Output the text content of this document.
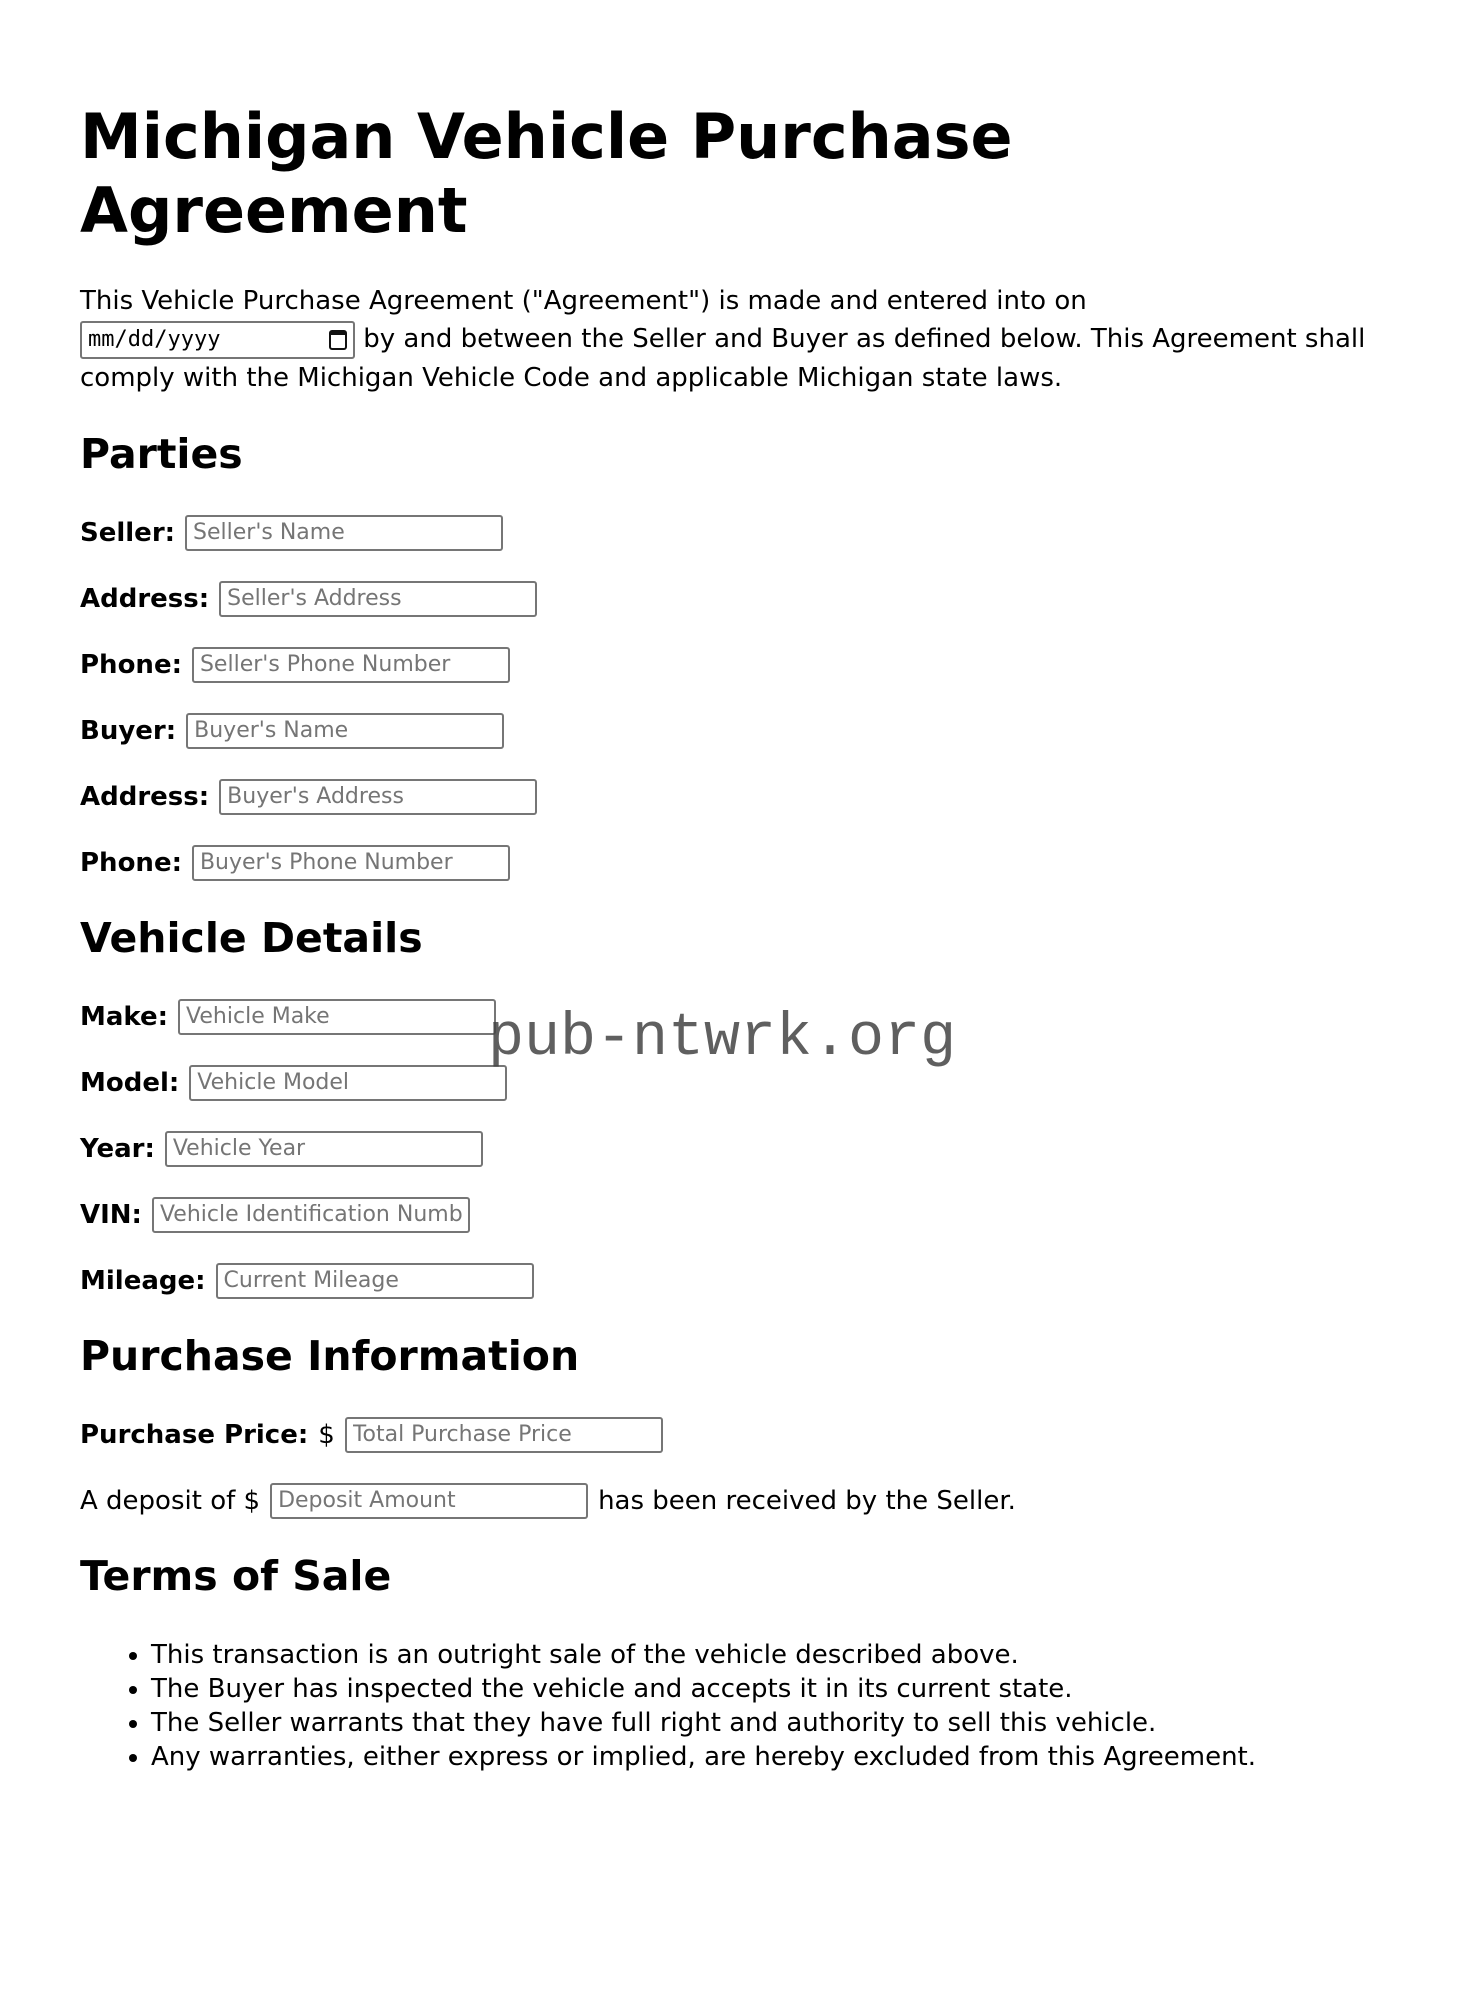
Michigan Vehicle Purchase Agreement

This Vehicle Purchase Agreement ("Agreement") is made and entered into on

mm/dd/yyyy	by and between the Seller and Buyer as defined below. This Agreement shall comply with the Michigan Vehicle Code and applicable Michigan state laws.

Parties
Seller:
Seller's Name
Address:
Seller's Address
Phone:
Seller's Phone Number
Buyer:
Buyer's Name
Address:
Buyer's Address
Phone:
Buyer's Phone Number
Vehicle Details
Make:
Vehicle Make
Model:
Vehicle Model
Year:
Vehicle Year
VIN:
Vehicle Identification Number
Mileage:
Current Mileage
Purchase Information
Purchase Price: $
Total Purchase Price
A deposit of $
Deposit Amount	has been received by the Seller.
Terms of Sale
• This transaction is an outright sale of the vehicle described above.
• The Buyer has inspected the vehicle and accepts it in its current state.
• The Seller warrants that they have full right and authority to sell this vehicle.
• Any warranties, either express or implied, are hereby excluded from this Agreement.
pub-ntwrk.org
